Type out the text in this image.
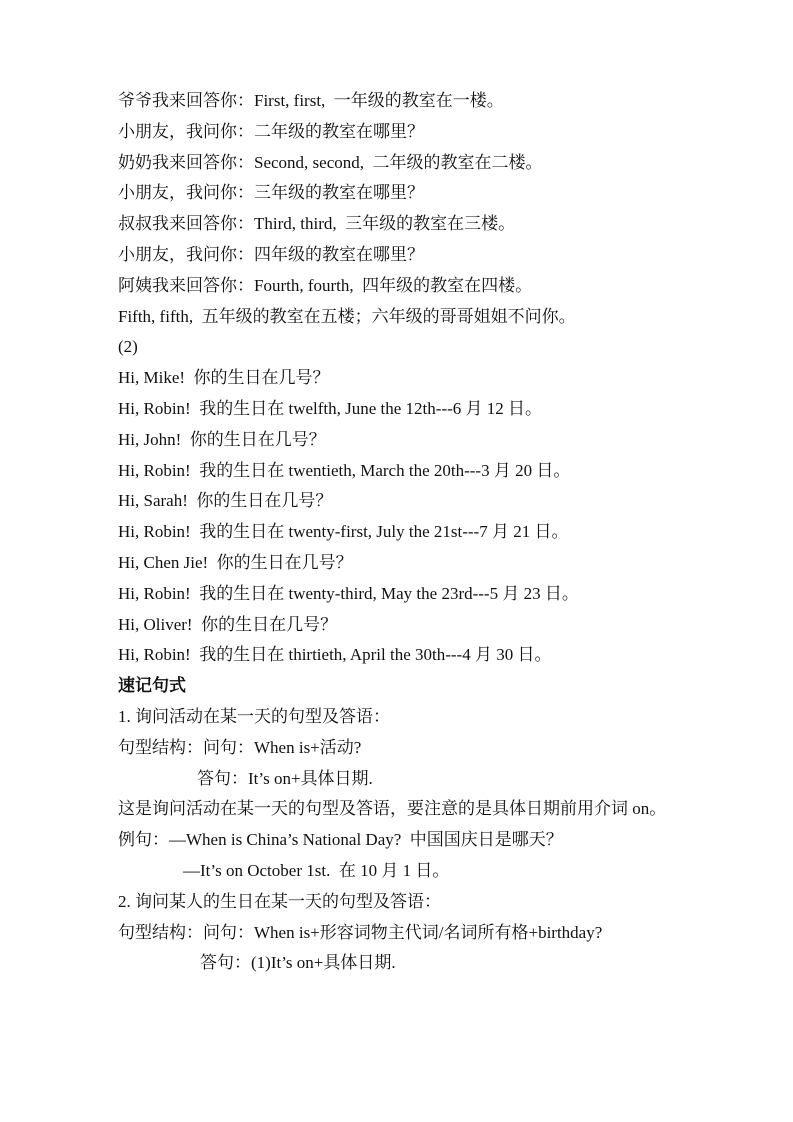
爷爷我来回答你：First, first,  一年级的教室在一楼。

小朋友，我问你：二年级的教室在哪里？

奶奶我来回答你：Second, second,  二年级的教室在二楼。

小朋友，我问你：三年级的教室在哪里？

叔叔我来回答你：Third, third,  三年级的教室在三楼。

小朋友，我问你：四年级的教室在哪里？

阿姨我来回答你：Fourth, fourth,  四年级的教室在四楼。

Fifth, fifth,  五年级的教室在五楼；六年级的哥哥姐姐不问你。

(2)

Hi, Mike!  你的生日在几号？

Hi, Robin!  我的生日在 twelfth, June the 12th---6 月 12 日。

Hi, John!  你的生日在几号？

Hi, Robin!  我的生日在 twentieth, March the 20th---3 月 20 日。

Hi, Sarah!  你的生日在几号？

Hi, Robin!  我的生日在 twenty-first, July the 21st---7 月 21 日。

Hi, Chen Jie!  你的生日在几号？

Hi, Robin!  我的生日在 twenty-third, May the 23rd---5 月 23 日。

Hi, Oliver!  你的生日在几号？

Hi, Robin!  我的生日在 thirtieth, April the 30th---4 月 30 日。

速记句式

1. 询问活动在某一天的句型及答语：

句型结构：问句：When is+活动?

答句：It’s on+具体日期.

这是询问活动在某一天的句型及答语，要注意的是具体日期前用介词 on。

例句：—When is China’s National Day?  中国国庆日是哪天？

—It’s on October 1st.  在 10 月 1 日。

2. 询问某人的生日在某一天的句型及答语：

句型结构：问句：When is+形容词物主代词/名词所有格+birthday?

答句：(1)It’s on+具体日期.
